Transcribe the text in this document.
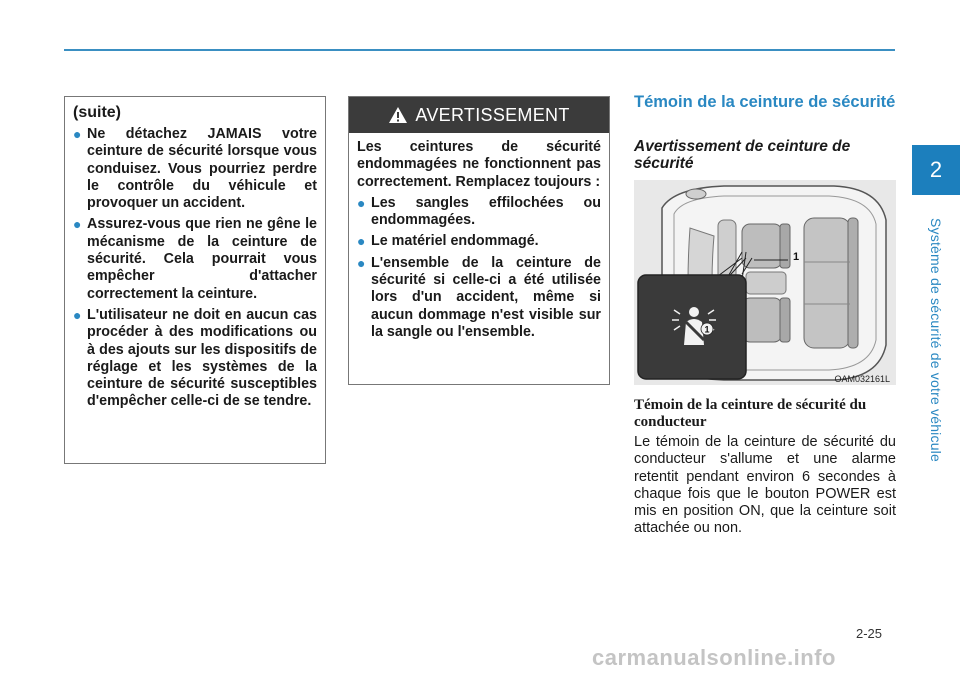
2
Système de sécurité de votre véhicule

(suite)

● Ne détachez JAMAIS votre ceinture de sécurité lorsque vous conduisez. Vous pourriez perdre le contrôle du véhicule et provoquer un accident.
● Assurez-vous que rien ne gêne le mécanisme de la ceinture de sécurité. Cela pourrait vous empêcher d'attacher correctement la ceinture.
● L'utilisateur ne doit en aucun cas procéder à des modifications ou à des ajouts sur les dispositifs de réglage et les systèmes de la ceinture de sécurité susceptibles d'empêcher celle-ci de se tendre.
AVERTISSEMENT

Les ceintures de sécurité endommagées ne fonctionnent pas correctement. Remplacez toujours :

● Les sangles effilochées ou endommagées.
● Le matériel endommagé.
● L'ensemble de la ceinture de sécurité si celle-ci a été utilisée lors d'un accident, même si aucun dommage n'est visible sur la sangle ou l'ensemble.

Témoin de la ceinture de sécurité

Avertissement de ceinture de sécurité

1
1
OAM032161L

Témoin de la ceinture de sécurité du conducteur

Le témoin de la ceinture de sécurité du conducteur s'allume et une alarme retentit pendant environ 6 secondes à chaque fois que le bouton POWER est mis en position ON, que la ceinture soit attachée ou non.

2-25
carmanualsonline.info
